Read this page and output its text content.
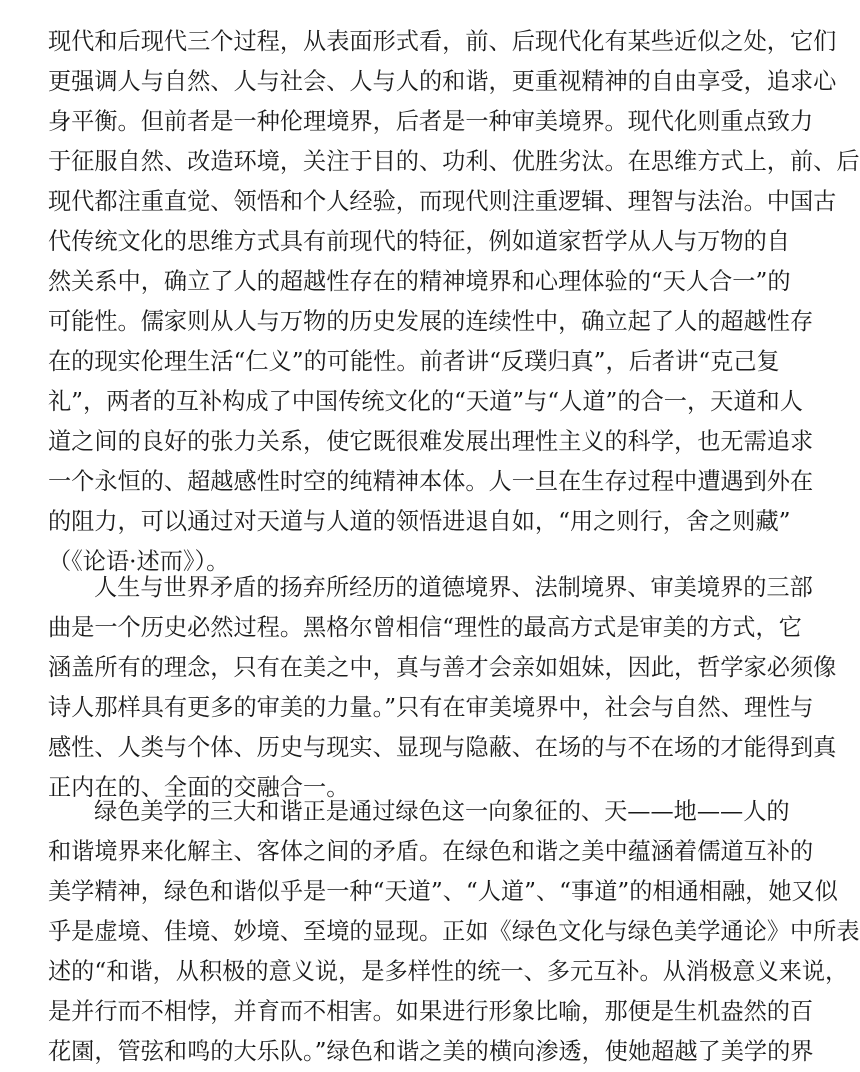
现代和后现代三个过程，从表面形式看，前、后现代化有某些近似之处，它们
更强调人与自然、人与社会、人与人的和谐，更重视精神的自由享受，追求心
身平衡。但前者是一种伦理境界，后者是一种审美境界。现代化则重点致力
于征服自然、改造环境，关注于目的、功利、优胜劣汰。在思维方式上，前、后
现代都注重直觉、领悟和个人经验，而现代则注重逻辑、理智与法治。中国古
代传统文化的思维方式具有前现代的特征，例如道家哲学从人与万物的自
然关系中，确立了人的超越性存在的精神境界和心理体验的“天人合一”的
可能性。儒家则从人与万物的历史发展的连续性中，确立起了人的超越性存
在的现实伦理生活“仁义”的可能性。前者讲“反璞归真”，后者讲“克己复
礼”，两者的互补构成了中国传统文化的“天道”与“人道”的合一，天道和人
道之间的良好的张力关系，使它既很难发展出理性主义的科学，也无需追求
一个永恒的、超越感性时空的纯精神本体。人一旦在生存过程中遭遇到外在
的阻力，可以通过对天道与人道的领悟进退自如，“用之则行，舍之则藏”
（《论语·述而》）。
人生与世界矛盾的扬弃所经历的道德境界、法制境界、审美境界的三部
曲是一个历史必然过程。黑格尔曾相信“理性的最高方式是审美的方式，它
涵盖所有的理念，只有在美之中，真与善才会亲如姐妹，因此，哲学家必须像
诗人那样具有更多的审美的力量。”只有在审美境界中，社会与自然、理性与
感性、人类与个体、历史与现实、显现与隐蔽、在场的与不在场的才能得到真
正内在的、全面的交融合一。
绿色美学的三大和谐正是通过绿色这一向象征的、天——地——人的
和谐境界来化解主、客体之间的矛盾。在绿色和谐之美中蕴涵着儒道互补的
美学精神，绿色和谐似乎是一种“天道”、“人道”、“事道”的相通相融，她又似
乎是虚境、佳境、妙境、至境的显现。正如《绿色文化与绿色美学通论》中所表
述的“和谐，从积极的意义说，是多样性的统一、多元互补。从消极意义来说，
是并行而不相悖，并育而不相害。如果进行形象比喻，那便是生机盎然的百
花園，管弦和鸣的大乐队。”绿色和谐之美的横向渗透，使她超越了美学的界
